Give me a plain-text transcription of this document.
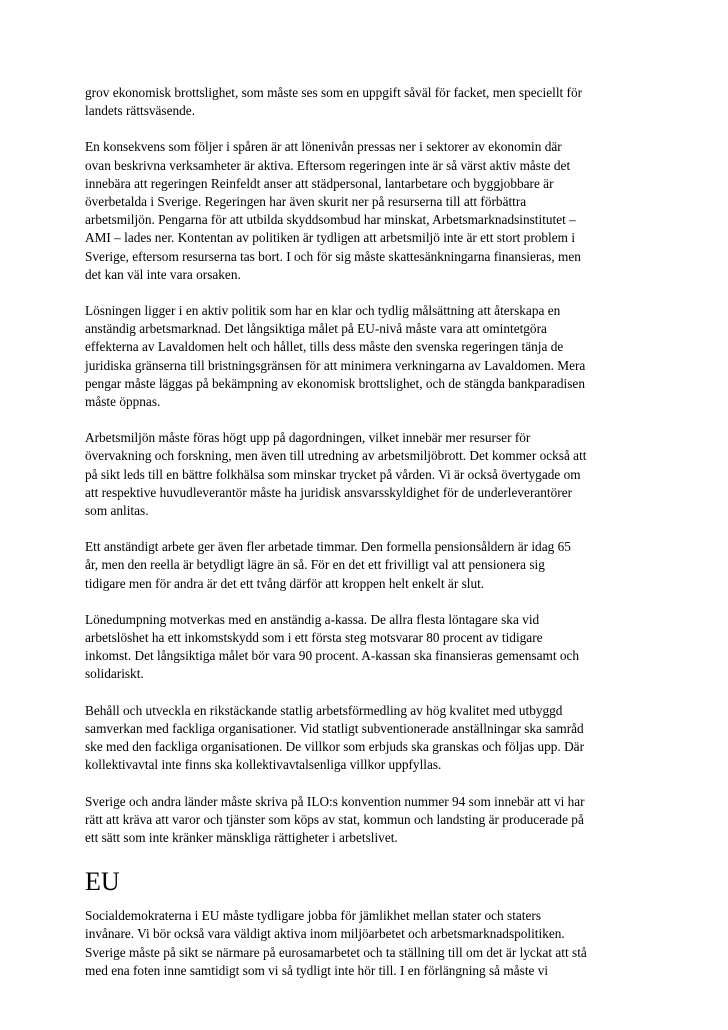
grov ekonomisk brottslighet, som måste ses som en uppgift såväl för facket, men speciellt för
landets rättsväsende.

En konsekvens som följer i spåren är att lönenivån pressas ner i sektorer av ekonomin där
ovan beskrivna verksamheter är aktiva. Eftersom regeringen inte är så värst aktiv måste det
innebära att regeringen Reinfeldt anser att städpersonal, lantarbetare och byggjobbare är
överbetalda i Sverige. Regeringen har även skurit ner på resurserna till att förbättra
arbetsmiljön. Pengarna för att utbilda skyddsombud har minskat, Arbetsmarknadsinstitutet –
AMI – lades ner. Kontentan av politiken är tydligen att arbetsmiljö inte är ett stort problem i
Sverige, eftersom resurserna tas bort. I och för sig måste skattesänkningarna finansieras, men
det kan väl inte vara orsaken.

Lösningen ligger i en aktiv politik som har en klar och tydlig målsättning att återskapa en
anständig arbetsmarknad. Det långsiktiga målet på EU-nivå måste vara att omintetgöra
effekterna av Lavaldomen helt och hållet, tills dess måste den svenska regeringen tänja de
juridiska gränserna till bristningsgränsen för att minimera verkningarna av Lavaldomen. Mera
pengar måste läggas på bekämpning av ekonomisk brottslighet, och de stängda bankparadisen
måste öppnas.

Arbetsmiljön måste föras högt upp på dagordningen, vilket innebär mer resurser för
övervakning och forskning, men även till utredning av arbetsmiljöbrott. Det kommer också att
på sikt leds till en bättre folkhälsa som minskar trycket på vården. Vi är också övertygade om
att respektive huvudleverantör måste ha juridisk ansvarsskyldighet för de underleverantörer
som anlitas.

Ett anständigt arbete ger även fler arbetade timmar. Den formella pensionsåldern är idag 65
år, men den reella är betydligt lägre än så. För en det ett frivilligt val att pensionera sig
tidigare men för andra är det ett tvång därför att kroppen helt enkelt är slut.

Lönedumpning motverkas med en anständig a-kassa. De allra flesta löntagare ska vid
arbetslöshet ha ett inkomstskydd som i ett första steg motsvarar 80 procent av tidigare
inkomst. Det långsiktiga målet bör vara 90 procent. A-kassan ska finansieras gemensamt och
solidariskt.

Behåll och utveckla en rikstäckande statlig arbetsförmedling av hög kvalitet med utbyggd
samverkan med fackliga organisationer. Vid statligt subventionerade anställningar ska samråd
ske med den fackliga organisationen. De villkor som erbjuds ska granskas och följas upp. Där
kollektivavtal inte finns ska kollektivavtalsenliga villkor uppfyllas.

Sverige och andra länder måste skriva på ILO:s konvention nummer 94 som innebär att vi har
rätt att kräva att varor och tjänster som köps av stat, kommun och landsting är producerade på
ett sätt som inte kränker mänskliga rättigheter i arbetslivet.

EU

Socialdemokraterna i EU måste tydligare jobba för jämlikhet mellan stater och staters
invånare. Vi bör också vara väldigt aktiva inom miljöarbetet och arbetsmarknadspolitiken.
Sverige måste på sikt se närmare på eurosamarbetet och ta ställning till om det är lyckat att stå
med ena foten inne samtidigt som vi så tydligt inte hör till. I en förlängning så måste vi
